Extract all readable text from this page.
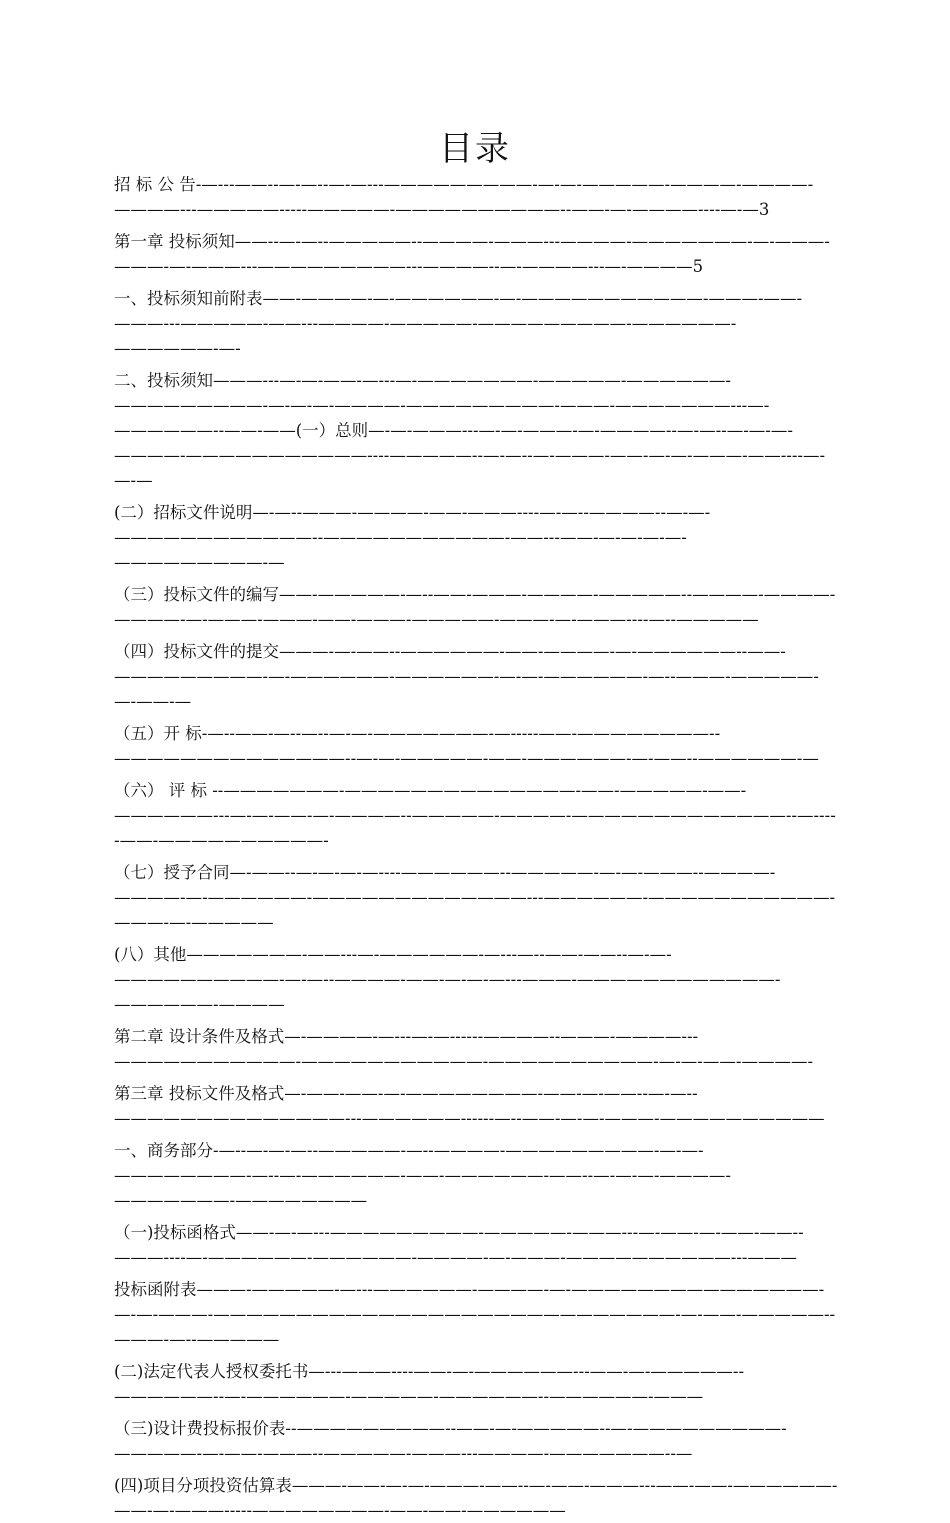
目录
招 标 公 告-—---——--—-—--—-—---—————————-—-—-—————-————-————-————---—————-----—————-——————————--——-—-————----—-—3
第一章 投标须知——--—-—--—————--————-———---————-———————-—-———-———-—-———---—————————---————--—-————---—-————5
一、投标须知前附表——-————-—-——————-—-———————————-———-——-———---—————-——---————-—————-—————————-——————-——————-—-
二、投标须知———---—-—-——-—---—-———————-—————-——————-—————————-—-—-—-————-—————————-———-———————---—-——————--——-——(一）总则—-—-———---—-—-———-—-————--—-—--—-—-—-————-———————————----—————--—-—--—-———-——-—-—-———-——----—-—-—
(二）招标文件说明—-—--———-————-——-———----—-—--————--—-—-————————————--———————————-——---——-—-—-—-—-—————————-—
（三）投标文件的编写——-—————-—--——-———-————-—————--————-————-————-—-———-———-——-———-—————-———-—-———----—--—————
（四）投标文件的提交———-—-——--——————-——-————-—-——————--——-—————————-—-——————-——————-—-—-——————-—--———-—————-—-——-—
（五）开 标-—--——-—--—--—-—-———————-—-----——-————————--——————————————--—-—-—————-——-——————-—-——--——————-—
（六） 评 标 --———————-——————————————-——-—————-——-——————---—-—-——-—-————--—————-————-—————————————--—-----——-——————————-
（七）授予合同—-——--—-—-—-—----——————--—————-—-—-———--————-————-—-——————-—————————————---——————-———————————-———-—-—————
(八）其他———————-——---—-——————-—---—--——-——--—-—-——————————-—-—--————-——-—-—-—---———-————————————-——————-————
第二章 设计条件及格式—-————-—---—-—------————--———-————---———————————-———————————-——————————-—-—-——-————-
第三章 投标文件及格式—-——-——-—-————————-——-—-——--—-—--——————————————---——————------—--——-—-—-———-——————————
一、商务部分-—--—-—-—--—————-—--————-—————————-—-—-————————-—--—-——————-——-——————-——--—-—-—-————-———————-————————
（一)投标函格式——-—-—---—————————-—————-———---—-——-—-——-——--———----—-——————-——————-————-—-———-——————————---———
投标函附表———-—————-—---——————-————-—-———————————————-—-—-———-————————————————————————————-—-——-—————--———-—--—————
(二)法定代表人授权委托书—---———----——-—-——————---——-—-—————--——————--—-——————-—————-——————--——————-———
（三)设计费投标报价表--—————————--——-—-—————--—-—————————-—————-—-——-———--—————-———---————-———————--—
(四)项目分项投资估算表———-——-—-—-———-——--—-——-———---——-——-——————-——-—-———-----————————-——-——-——————
